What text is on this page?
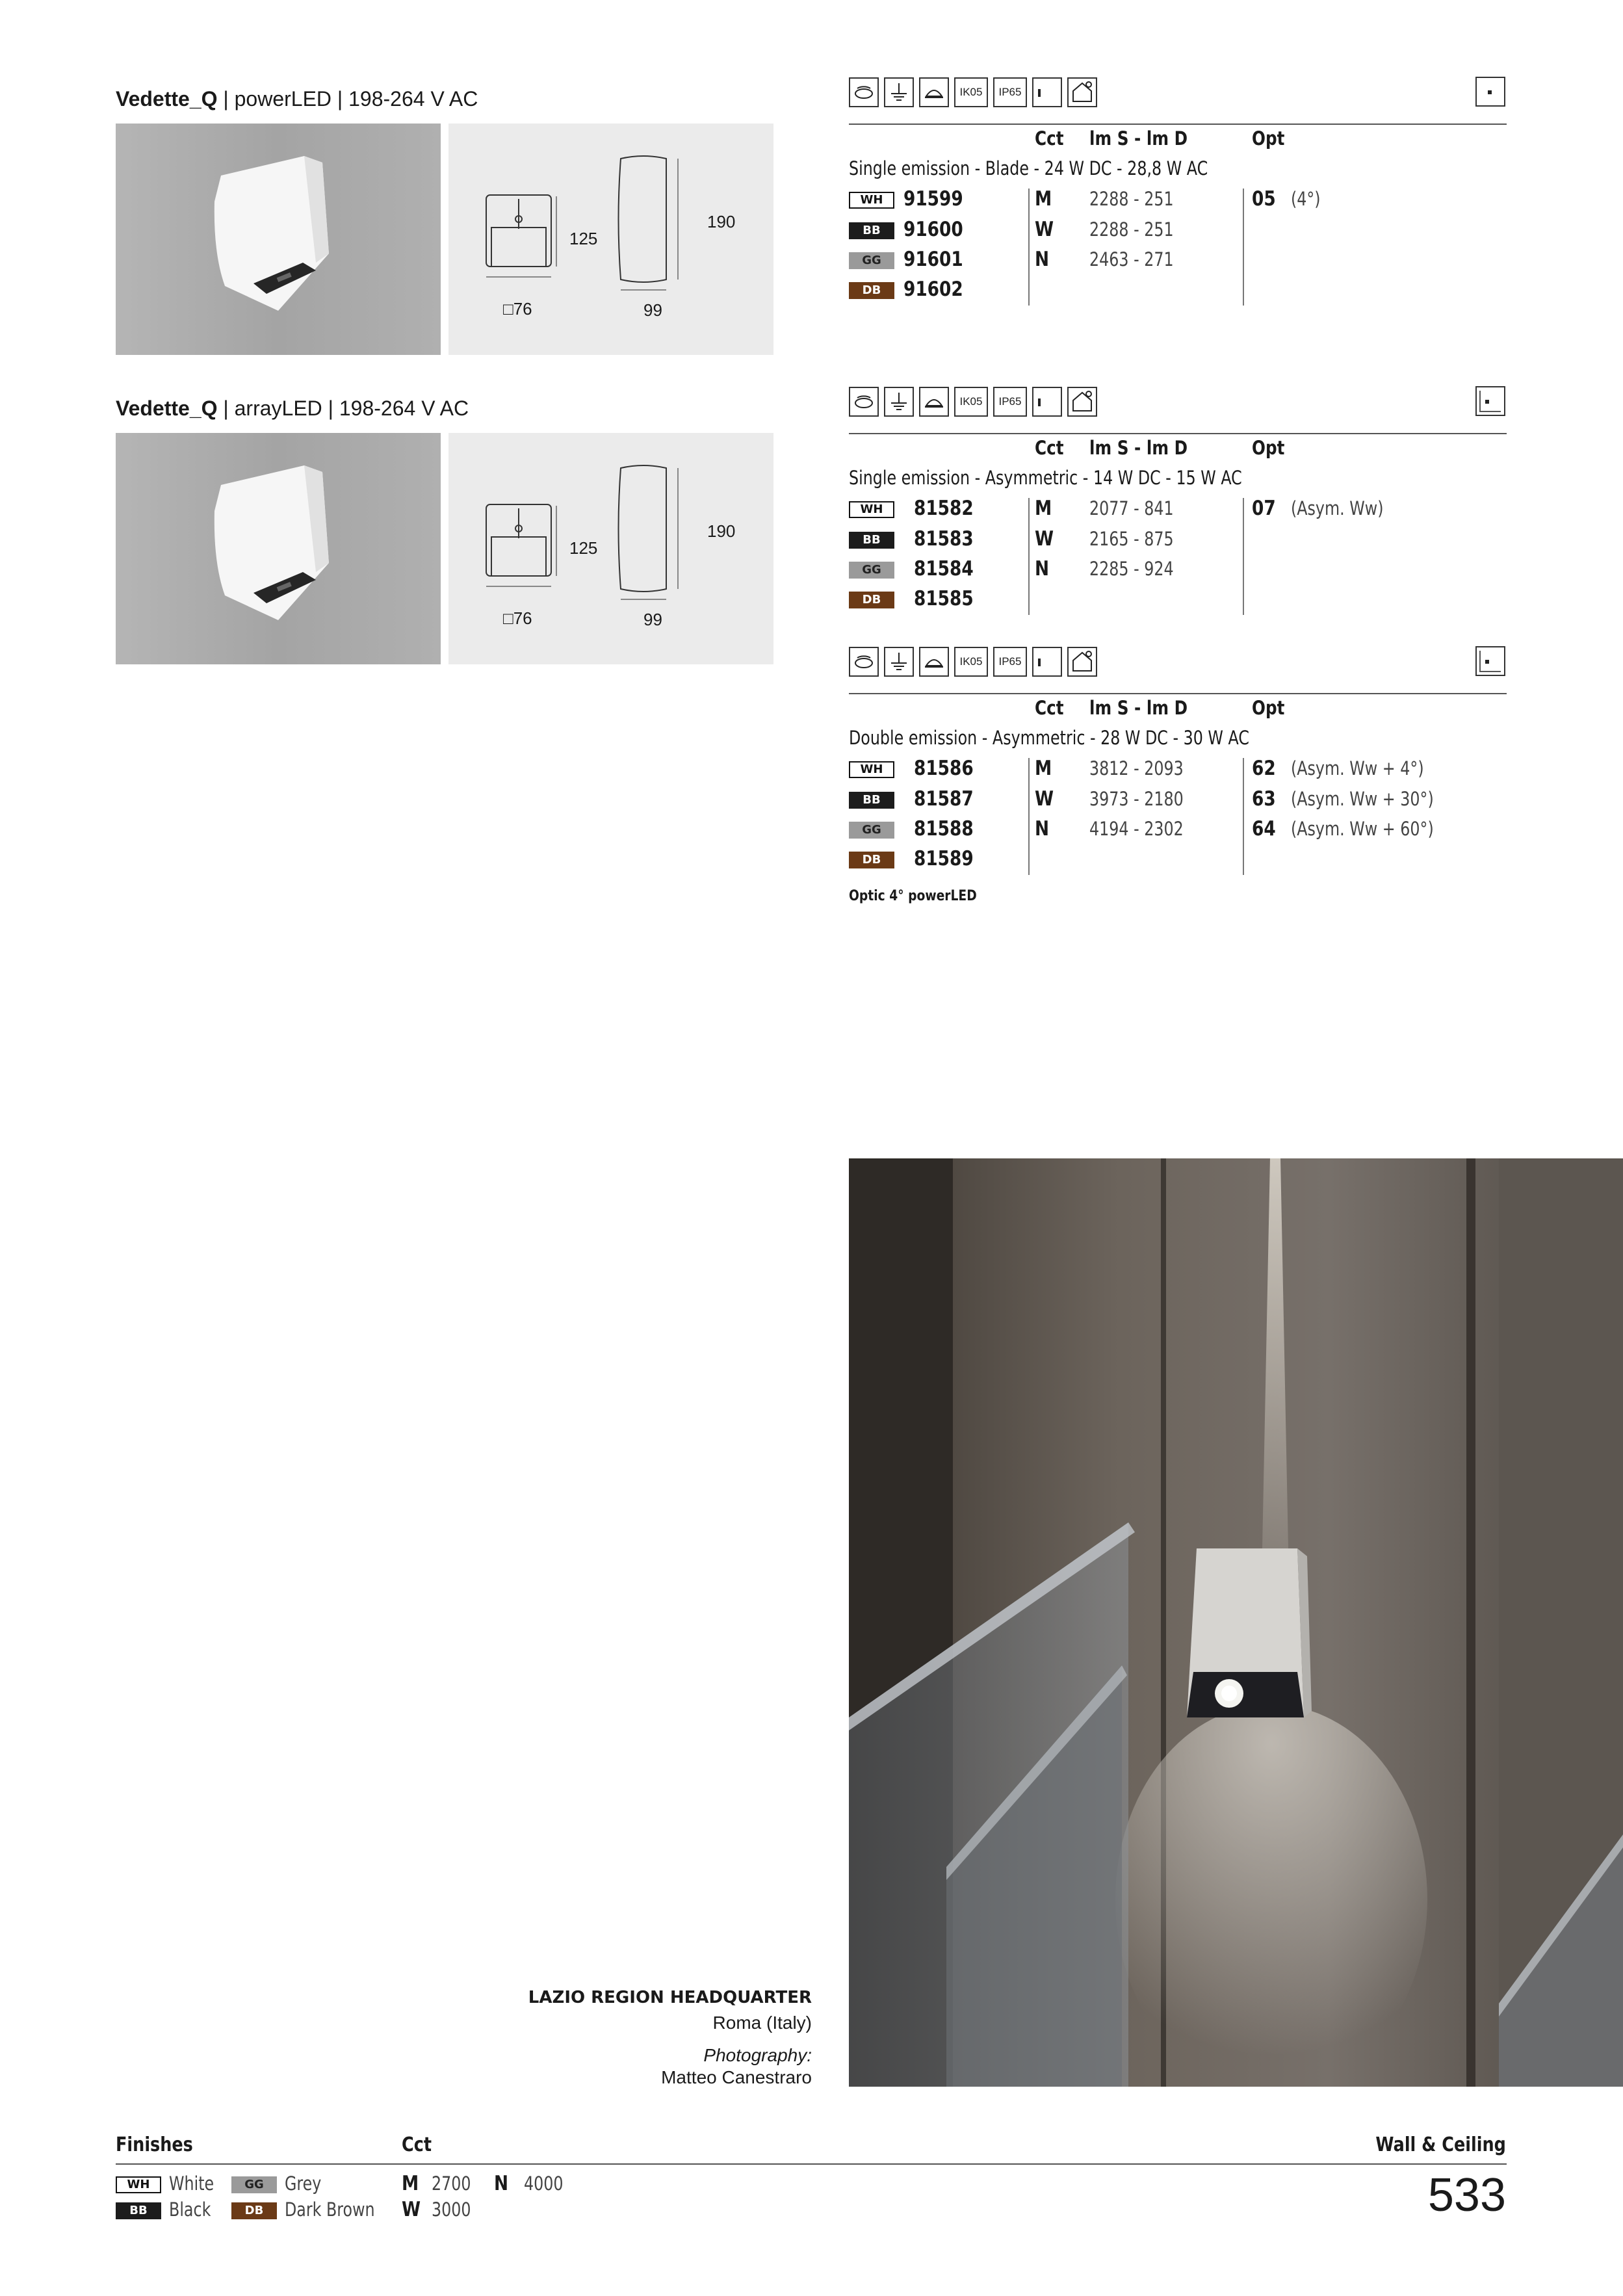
Vedette_Q | powerLED | 198-264 V AC
125
190
□76	99
Vedette_Q | arrayLED | 198-264 V AC
125
190
□76	99
IK05	IP65
Cct lm S - lm D	Opt
Single emission - Blade - 24 W DC - 28,8 W AC
WH	91599	M 2288 - 251	05 (4°)
BB	91600	W 2288 - 251
GG	91601	N 2463 - 271
DB	91602
IK05	IP65
Cct lm S - lm D	Opt
Single emission - Asymmetric - 14 W DC - 15 W AC
WH	81582	M 2077 - 841	07 (Asym. Ww)
BB	81583	W 2165 - 875
GG	81584	N 2285 - 924
DB	81585
IK05	IP65
Cct lm S - lm D	Opt
Double emission - Asymmetric - 28 W DC - 30 W AC
WH	81586	M 3812 - 2093	62 (Asym. Ww + 4°)
BB	81587	W 3973 - 2180	63 (Asym. Ww + 30°)
GG	81588	N 4194 - 2302	64 (Asym. Ww + 60°)
DB	81589
Optic 4° powerLED
LAZIO REGION HEADQUARTER
Roma (Italy)
Photography:
Matteo Canestraro
Finishes	Cct	Wall & Ceiling
WH	White	GG	Grey
BB	Black	DB	Dark Brown
M 2700 N 4000
W 3000	533
